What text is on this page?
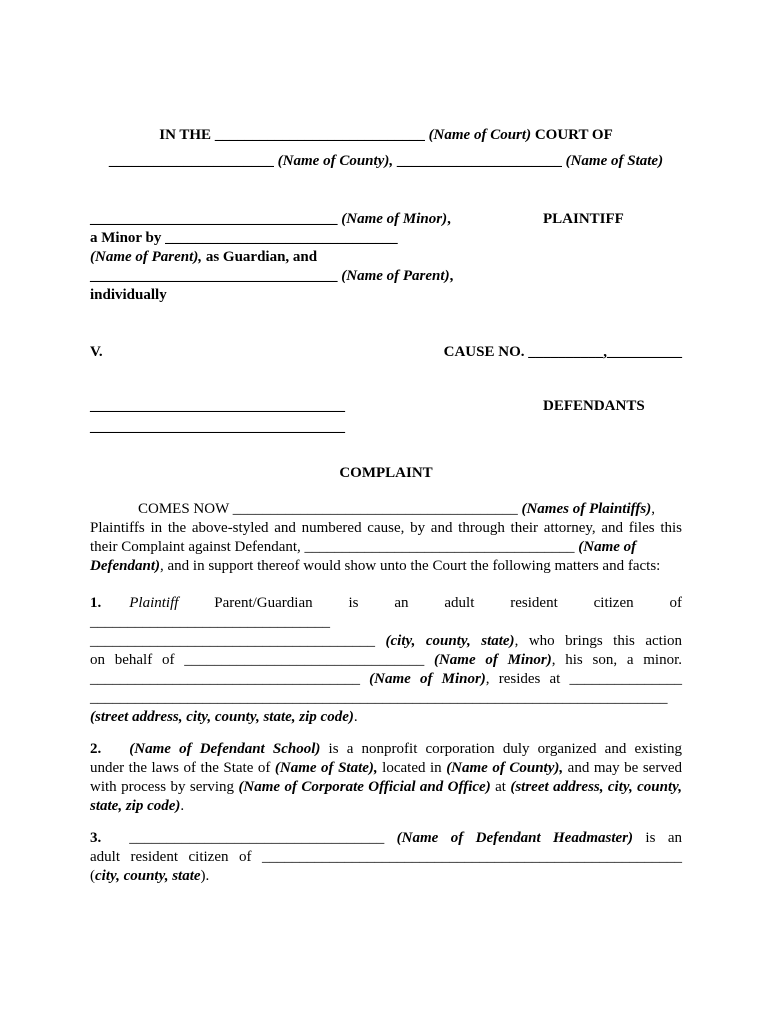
IN THE ____________________________ (Name of Court) COURT OF
______________________ (Name of County), ______________________ (Name of State)
_________________________________ (Name of Minor),	PLAINTIFF
a Minor by _______________________________
(Name of Parent), as Guardian, and
_________________________________ (Name of Parent),
individually
V.	CAUSE NO. __________,__________
__________________________________	DEFENDANTS
__________________________________
COMPLAINT
COMES NOW ______________________________________ (Names of Plaintiffs),
Plaintiffs in the above-styled and numbered cause, by and through their attorney, and files this
their Complaint against Defendant, ____________________________________ (Name of
Defendant), and in support thereof would show unto the Court the following matters and facts:
1. Plaintiff Parent/Guardian is an adult resident citizen of ________________________________
______________________________________ (city, county, state), who brings this action
on behalf of ________________________________ (Name of Minor), his son, a minor.
____________________________________ (Name of Minor), resides at _______________
_____________________________________________________________________________
(street address, city, county, state, zip code).
2. (Name of Defendant School) is a nonprofit corporation duly organized and existing
under the laws of the State of (Name of State), located in (Name of County), and may be served
with process by serving (Name of Corporate Official and Office) at (street address, city, county,
state, zip code).
3. __________________________________ (Name of Defendant Headmaster) is an
adult resident citizen of ________________________________________________________
(city, county, state).
